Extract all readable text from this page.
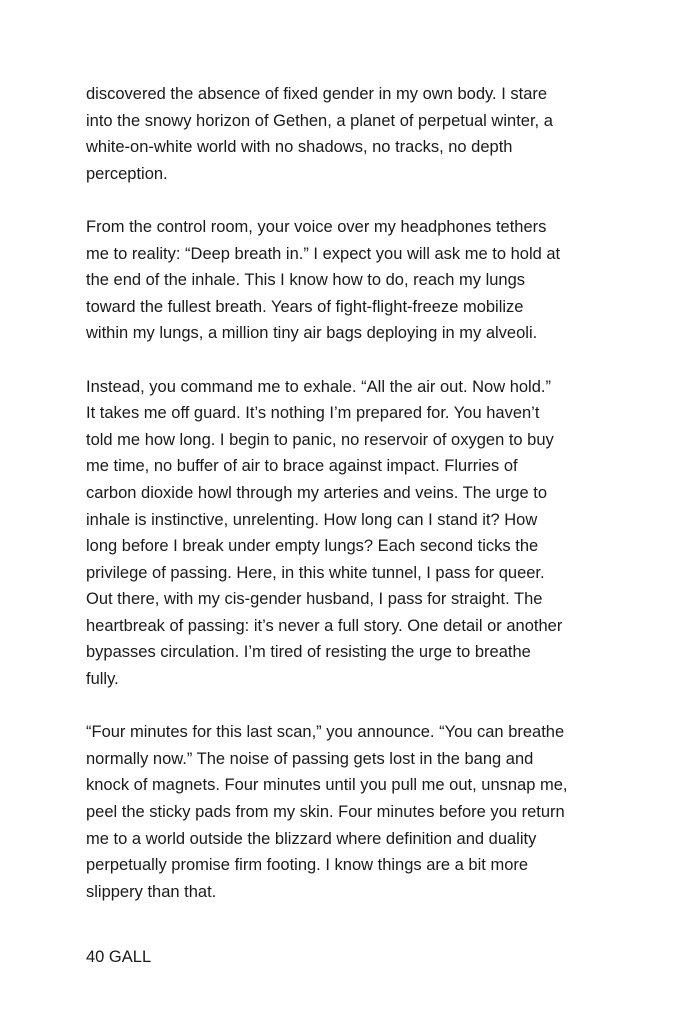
discovered the absence of fixed gender in my own body. I stare
into the snowy horizon of Gethen, a planet of perpetual winter, a
white-on-white world with no shadows, no tracks, no depth
perception.

From the control room, your voice over my headphones tethers
me to reality: “Deep breath in.” I expect you will ask me to hold at
the end of the inhale. This I know how to do, reach my lungs
toward the fullest breath. Years of fight-flight-freeze mobilize
within my lungs, a million tiny air bags deploying in my alveoli.

Instead, you command me to exhale. “All the air out. Now hold.”
It takes me off guard. It’s nothing I’m prepared for. You haven’t
told me how long. I begin to panic, no reservoir of oxygen to buy
me time, no buffer of air to brace against impact. Flurries of
carbon dioxide howl through my arteries and veins. The urge to
inhale is instinctive, unrelenting. How long can I stand it? How
long before I break under empty lungs? Each second ticks the
privilege of passing. Here, in this white tunnel, I pass for queer.
Out there, with my cis-gender husband, I pass for straight. The
heartbreak of passing: it’s never a full story. One detail or another
bypasses circulation. I’m tired of resisting the urge to breathe
fully.

“Four minutes for this last scan,” you announce. “You can breathe
normally now.” The noise of passing gets lost in the bang and
knock of magnets. Four minutes until you pull me out, unsnap me,
peel the sticky pads from my skin. Four minutes before you return
me to a world outside the blizzard where definition and duality
perpetually promise firm footing. I know things are a bit more
slippery than that.

40 GALL
